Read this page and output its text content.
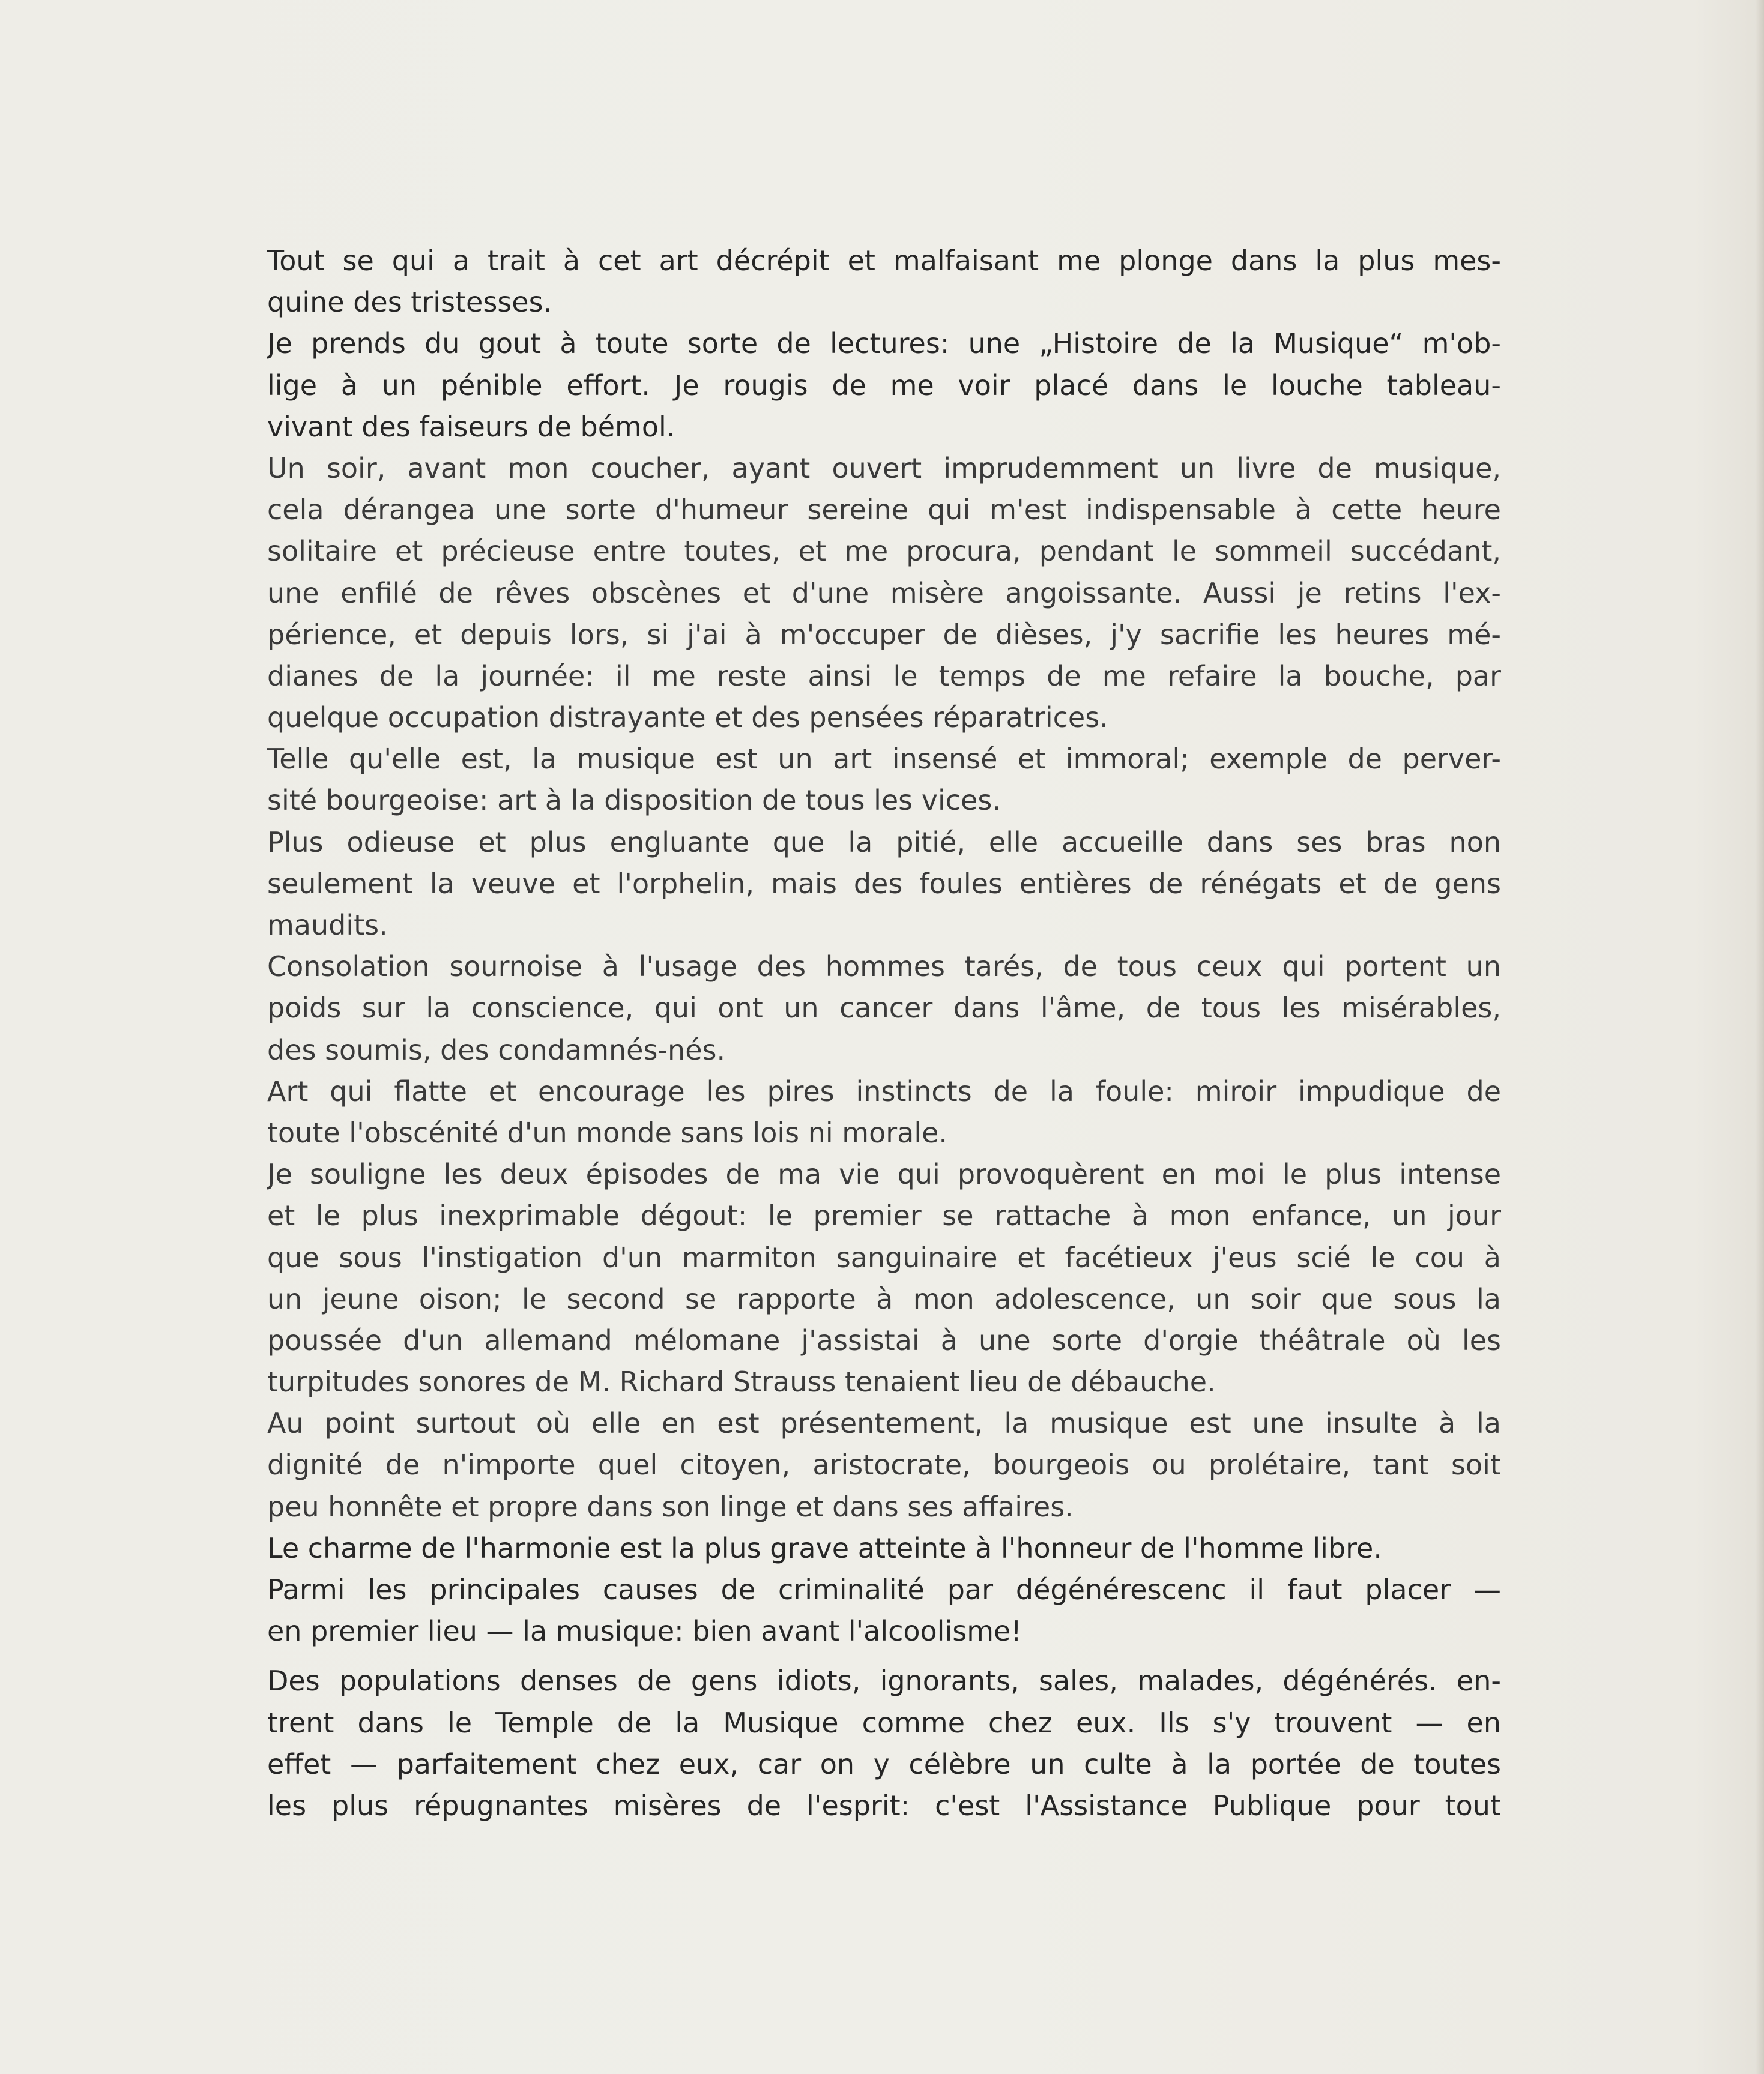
Tout se qui a trait à cet art décrépit et malfaisant me plonge dans la plus mes-
quine des tristesses.

Je prends du gout à toute sorte de lectures: une „Histoire de la Musique“ m'ob-
lige à un pénible effort. Je rougis de me voir placé dans le louche tableau-
vivant des faiseurs de bémol.

Un soir, avant mon coucher, ayant ouvert imprudemment un livre de musique,
cela dérangea une sorte d'humeur sereine qui m'est indispensable à cette heure
solitaire et précieuse entre toutes, et me procura, pendant le sommeil succédant,
une enfilé de rêves obscènes et d'une misère angoissante. Aussi je retins l'ex-
périence, et depuis lors, si j'ai à m'occuper de dièses, j'y sacrifie les heures mé-
dianes de la journée: il me reste ainsi le temps de me refaire la bouche, par
quelque occupation distrayante et des pensées réparatrices.

Telle qu'elle est, la musique est un art insensé et immoral; exemple de perver-
sité bourgeoise: art à la disposition de tous les vices.

Plus odieuse et plus engluante que la pitié, elle accueille dans ses bras non
seulement la veuve et l'orphelin, mais des foules entières de rénégats et de gens
maudits.

Consolation sournoise à l'usage des hommes tarés, de tous ceux qui portent un
poids sur la conscience, qui ont un cancer dans l'âme, de tous les misérables,
des soumis, des condamnés-nés.

Art qui flatte et encourage les pires instincts de la foule: miroir impudique de
toute l'obscénité d'un monde sans lois ni morale.

Je souligne les deux épisodes de ma vie qui provoquèrent en moi le plus intense
et le plus inexprimable dégout: le premier se rattache à mon enfance, un jour
que sous l'instigation d'un marmiton sanguinaire et facétieux j'eus scié le cou à
un jeune oison; le second se rapporte à mon adolescence, un soir que sous la
poussée d'un allemand mélomane j'assistai à une sorte d'orgie théâtrale où les
turpitudes sonores de M. Richard Strauss tenaient lieu de débauche.

Au point surtout où elle en est présentement, la musique est une insulte à la
dignité de n'importe quel citoyen, aristocrate, bourgeois ou prolétaire, tant soit
peu honnête et propre dans son linge et dans ses affaires.

Le charme de l'harmonie est la plus grave atteinte à l'honneur de l'homme libre.

Parmi les principales causes de criminalité par dégénérescenc il faut placer —
en premier lieu — la musique: bien avant l'alcoolisme!

Des populations denses de gens idiots, ignorants, sales, malades, dégénérés. en-
trent dans le Temple de la Musique comme chez eux. Ils s'y trouvent — en
effet — parfaitement chez eux, car on y célèbre un culte à la portée de toutes
les plus répugnantes misères de l'esprit: c'est l'Assistance Publique pour tout
